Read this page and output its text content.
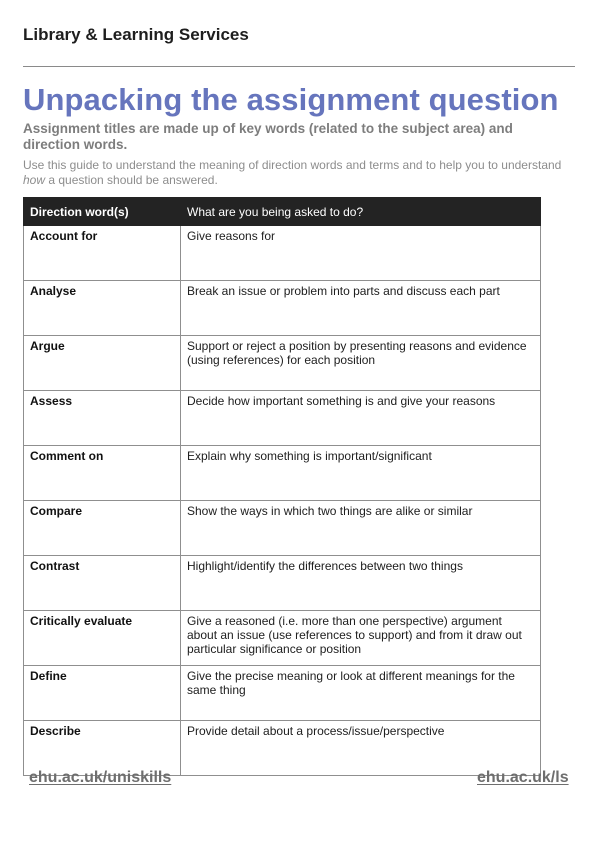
Library & Learning Services
Unpacking the assignment question
Assignment titles are made up of key words (related to the subject area) and direction words.
Use this guide to understand the meaning of direction words and terms and to help you to understand how a question should be answered.
Direction word(s)	What are you being asked to do?
Account for	Give reasons for
Analyse	Break an issue or problem into parts and discuss each part
Argue	Support or reject a position by presenting reasons and evidence (using references) for each position
Assess	Decide how important something is and give your reasons
Comment on	Explain why something is important/significant
Compare	Show the ways in which two things are alike or similar
Contrast	Highlight/identify the differences between two things
Critically evaluate	Give a reasoned (i.e. more than one perspective) argument about an issue (use references to support) and from it draw out particular significance or position
Define	Give the precise meaning or look at different meanings for the same thing
Describe	Provide detail about a process/issue/perspective
ehu.ac.uk/uniskills	ehu.ac.uk/ls
